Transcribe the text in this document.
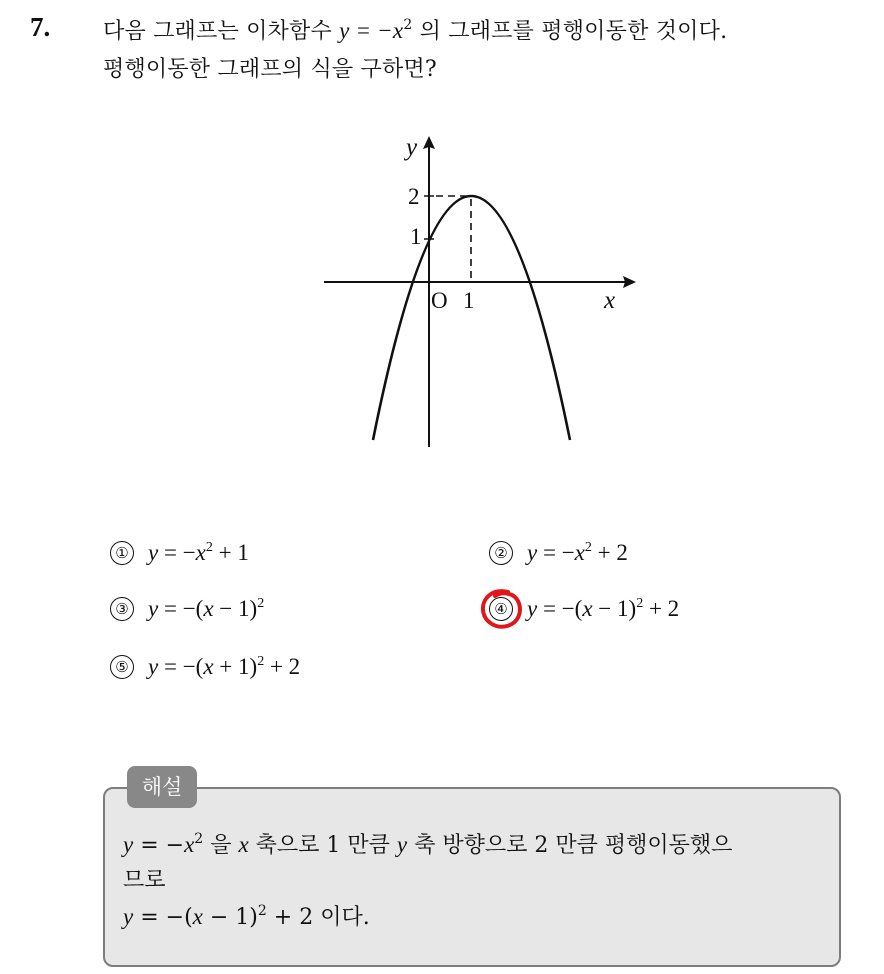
7. 다음 그래프는 이차함수 $y = -x^2$ 의 그래프를 평행이동한 것이다.
평행이동한 그래프의 식을 구하면?
y
x
O 1
2
1
① $y = -x^2 + 1$	② $y = -x^2 + 2$
③ $y = -(x - 1)^2$	④ $y = -(x - 1)^2 + 2$
⑤ $y = -(x + 1)^2 + 2$
해설
$y = -x^2$ 을 x 축으로 1 만큼 y 축 방향으로 2 만큼 평행이동했으
므로
$y = -(x - 1)^2 + 2$ 이다.
